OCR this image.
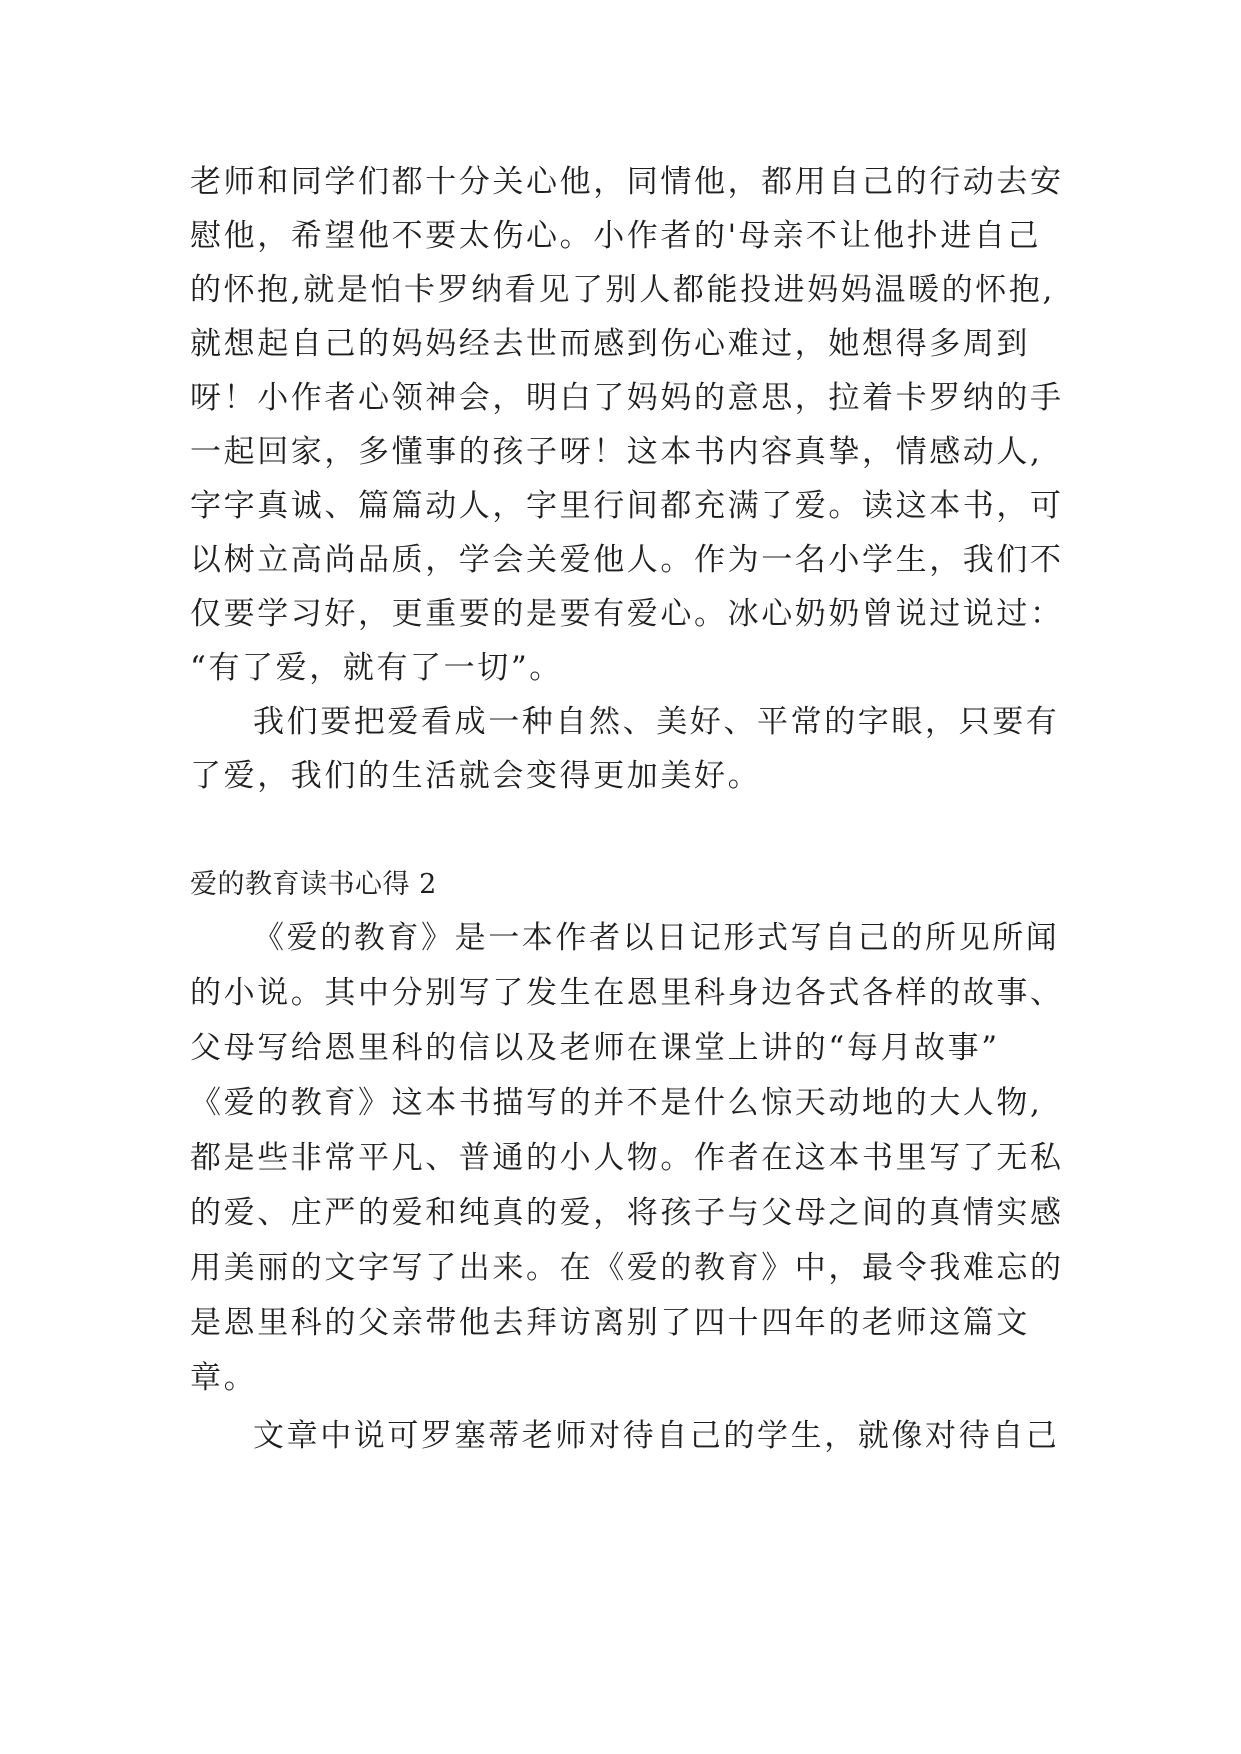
老师和同学们都十分关心他，同情他，都用自己的行动去安
慰他，希望他不要太伤心。小作者的'母亲不让他扑进自己
的怀抱,就是怕卡罗纳看见了别人都能投进妈妈温暖的怀抱,
就想起自己的妈妈经去世而感到伤心难过，她想得多周到
呀！小作者心领神会，明白了妈妈的意思，拉着卡罗纳的手
一起回家，多懂事的孩子呀！这本书内容真挚，情感动人,
字字真诚、篇篇动人，字里行间都充满了爱。读这本书，可
以树立高尚品质，学会关爱他人。作为一名小学生，我们不
仅要学习好，更重要的是要有爱心。冰心奶奶曾说过说过：
“有了爱，就有了一切”。
我们要把爱看成一种自然、美好、平常的字眼，只要有
了爱，我们的生活就会变得更加美好。
爱的教育读书心得 2
《爱的教育》是一本作者以日记形式写自己的所见所闻
的小说。其中分别写了发生在恩里科身边各式各样的故事、
父母写给恩里科的信以及老师在课堂上讲的“每月故事”
《爱的教育》这本书描写的并不是什么惊天动地的大人物,
都是些非常平凡、普通的小人物。作者在这本书里写了无私
的爱、庄严的爱和纯真的爱，将孩子与父母之间的真情实感
用美丽的文字写了出来。在《爱的教育》中，最令我难忘的
是恩里科的父亲带他去拜访离别了四十四年的老师这篇文
章。
文章中说可罗塞蒂老师对待自己的学生，就像对待自己
